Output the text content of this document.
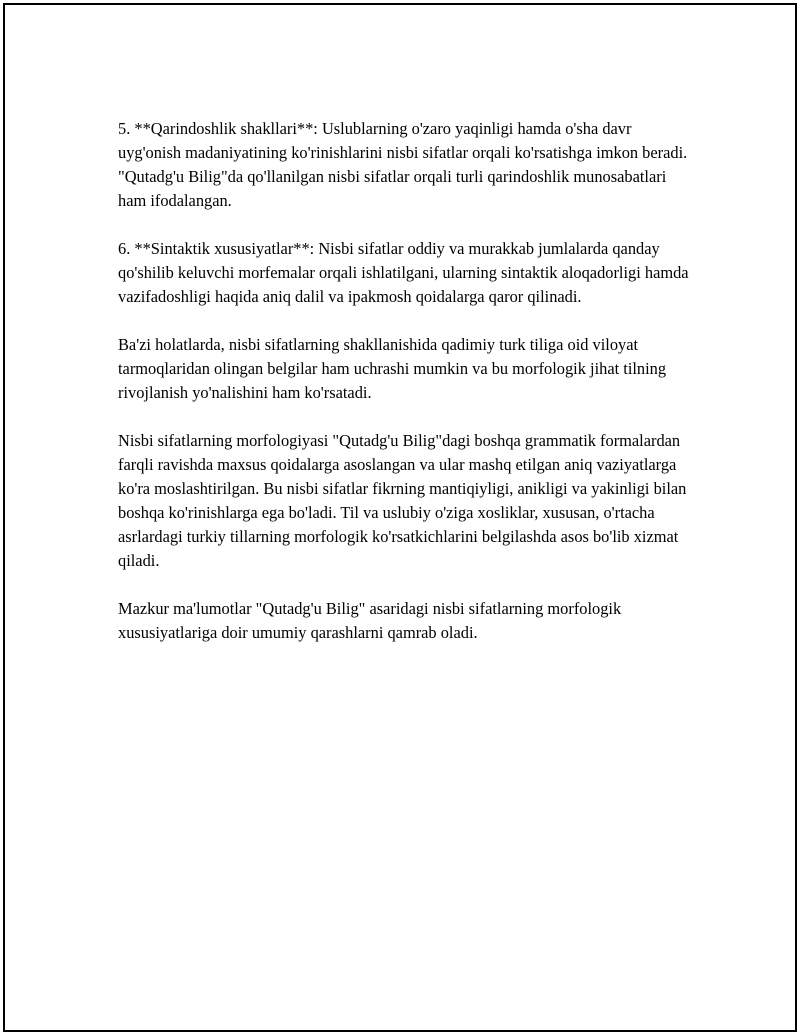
5. **Qarindoshlik shakllari**: Uslublarning o'zaro yaqinligi hamda o'sha davr uyg'onish madaniyatining ko'rinishlarini nisbi sifatlar orqali ko'rsatishga imkon beradi. "Qutadg'u Bilig"da qo'llanilgan nisbi sifatlar orqali turli qarindoshlik munosabatlari ham ifodalangan.

6. **Sintaktik xususiyatlar**: Nisbi sifatlar oddiy va murakkab jumlalarda qanday qo'shilib keluvchi morfemalar orqali ishlatilgani, ularning sintaktik aloqadorligi hamda vazifadoshligi haqida aniq dalil va ipakmosh qoidalarga qaror qilinadi.

Ba'zi holatlarda, nisbi sifatlarning shakllanishida qadimiy turk tiliga oid viloyat tarmoqlaridan olingan belgilar ham uchrashi mumkin va bu morfologik jihat tilning rivojlanish yo'nalishini ham ko'rsatadi.

Nisbi sifatlarning morfologiyasi "Qutadg'u Bilig"dagi boshqa grammatik formalardan farqli ravishda maxsus qoidalarga asoslangan va ular mashq etilgan aniq vaziyatlarga ko'ra moslashtirilgan. Bu nisbi sifatlar fikrning mantiqiyligi, anikligi va yakinligi bilan boshqa ko'rinishlarga ega bo'ladi. Til va uslubiy o'ziga xosliklar, xususan, o'rtacha asrlardagi turkiy tillarning morfologik ko'rsatkichlarini belgilashda asos bo'lib xizmat qiladi.

Mazkur ma'lumotlar "Qutadg'u Bilig" asaridagi nisbi sifatlarning morfologik xususiyatlariga doir umumiy qarashlarni qamrab oladi.
